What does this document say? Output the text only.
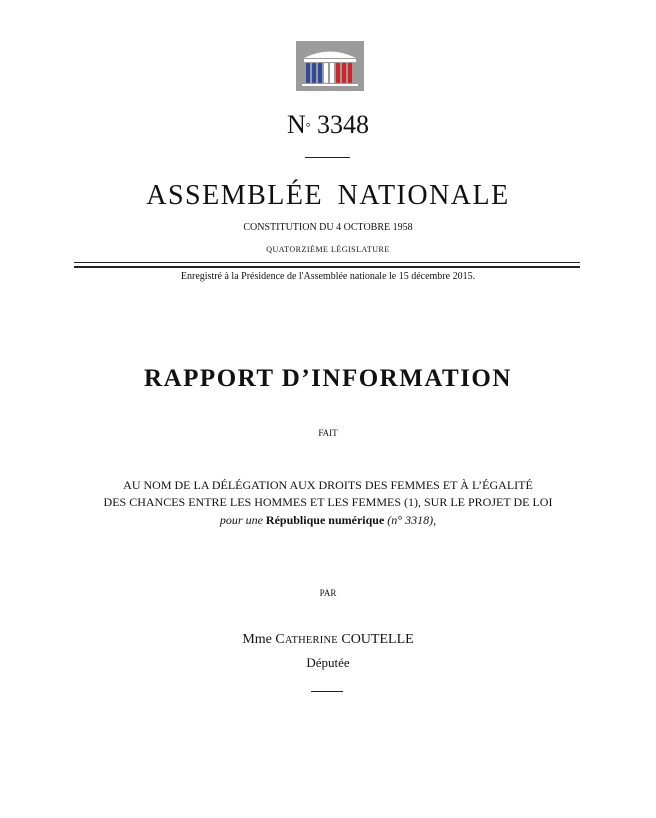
N° 3348
ASSEMBLÉE NATIONALE
CONSTITUTION DU 4 OCTOBRE 1958
QUATORZIÈME LÉGISLATURE
Enregistré à la Présidence de l'Assemblée nationale le 15 décembre 2015.
RAPPORT D’INFORMATION
FAIT
AU NOM DE LA DÉLÉGATION AUX DROITS DES FEMMES ET À L’ÉGALITÉ
DES CHANCES ENTRE LES HOMMES ET LES FEMMES (1), SUR LE PROJET DE LOI
pour une République numérique (n° 3318),
PAR
Mme CATHERINE COUTELLE
Députée
